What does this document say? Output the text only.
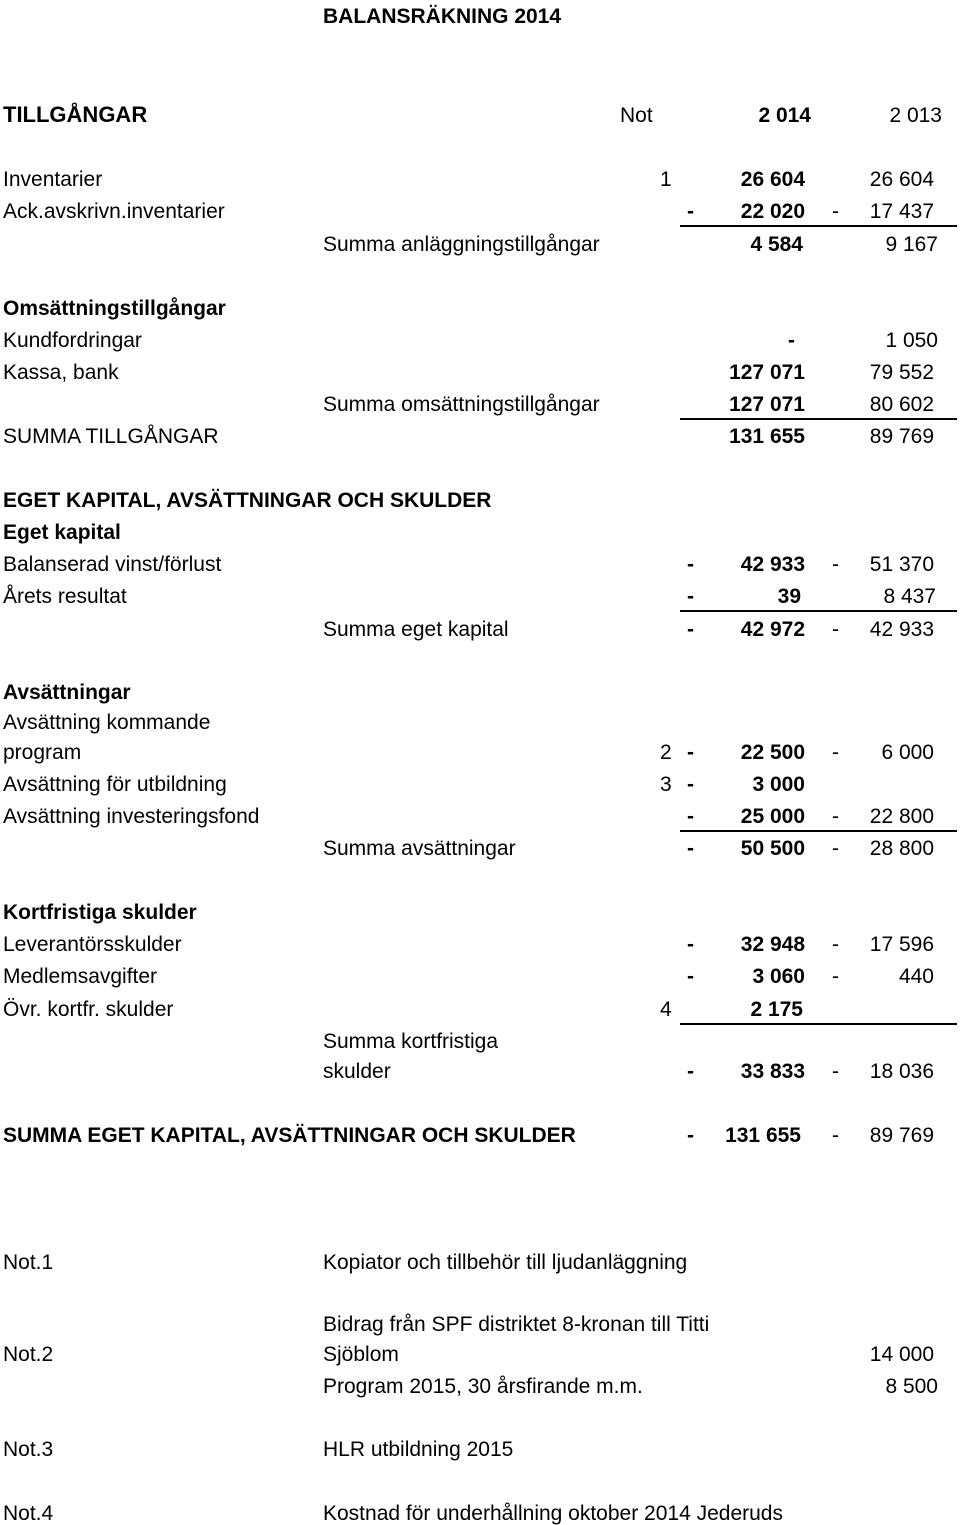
BALANSRÄKNING 2014
TILLGÅNGAR	Not	2 014	2 013
Inventarier	1	26 604	26 604
Ack.avskrivn.inventarier	-	22 020 -	17 437
Summa anläggningstillgångar	4 584	9 167
Omsättningstillgångar
Kundfordringar	-	1 050
Kassa, bank	127 071	79 552
Summa omsättningstillgångar	127 071	80 602
SUMMA TILLGÅNGAR	131 655	89 769
EGET KAPITAL, AVSÄTTNINGAR OCH SKULDER
Eget kapital
Balanserad vinst/förlust	-	42 933 -	51 370
Årets resultat	-	39	8 437
Summa eget kapital	-	42 972 -	42 933
Avsättningar
Avsättning kommande
program	2 -	22 500 -	6 000
Avsättning för utbildning	3 -	3 000
Avsättning investeringsfond	-	25 000 -	22 800
Summa avsättningar	-	50 500 -	28 800
Kortfristiga skulder
Leverantörsskulder	-	32 948 -	17 596
Medlemsavgifter	-	3 060 -	440
Övr. kortfr. skulder	4	2 175
Summa kortfristiga
skulder	-	33 833 -	18 036
SUMMA EGET KAPITAL, AVSÄTTNINGAR OCH SKULDER	-	131 655 -	89 769
Not.1	Kopiator och tillbehör till ljudanläggning
Bidrag från SPF distriktet 8-kronan till Titti
Not.2	Sjöblom	14 000
Program 2015, 30 årsfirande m.m.	8 500
Not.3	HLR utbildning 2015
Not.4	Kostnad för underhållning oktober 2014 Jederuds
